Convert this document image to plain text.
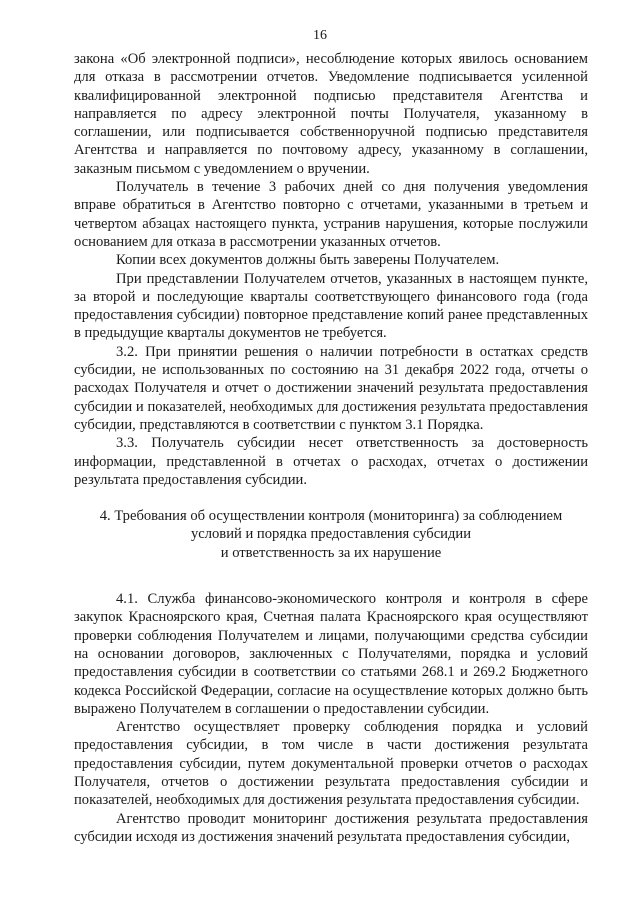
16

закона «Об электронной подписи», несоблюдение которых явилось основанием для отказа в рассмотрении отчетов. Уведомление подписывается усиленной квалифицированной электронной подписью представителя Агентства и направляется по адресу электронной почты Получателя, указанному в соглашении, или подписывается собственноручной подписью представителя Агентства и направляется по почтовому адресу, указанному в соглашении, заказным письмом с уведомлением о вручении.

Получатель в течение 3 рабочих дней со дня получения уведомления вправе обратиться в Агентство повторно с отчетами, указанными в третьем и четвертом абзацах настоящего пункта, устранив нарушения, которые послужили основанием для отказа в рассмотрении указанных отчетов.

Копии всех документов должны быть заверены Получателем.

При представлении Получателем отчетов, указанных в настоящем пункте, за второй и последующие кварталы соответствующего финансового года (года предоставления субсидии) повторное представление копий ранее представленных в предыдущие кварталы документов не требуется.

3.2. При принятии решения о наличии потребности в остатках средств субсидии, не использованных по состоянию на 31 декабря 2022 года, отчеты о расходах Получателя и отчет о достижении значений результата предоставления субсидии и показателей, необходимых для достижения результата предоставления субсидии, представляются в соответствии с пунктом 3.1 Порядка.

3.3. Получатель субсидии несет ответственность за достоверность информации, представленной в отчетах о расходах, отчетах о достижении результата предоставления субсидии.

4. Требования об осуществлении контроля (мониторинга) за соблюдением
условий и порядка предоставления субсидии
и ответственность за их нарушение

4.1. Служба финансово-экономического контроля и контроля в сфере закупок Красноярского края, Счетная палата Красноярского края осуществляют проверки соблюдения Получателем и лицами, получающими средства субсидии на основании договоров, заключенных с Получателями, порядка и условий предоставления субсидии в соответствии со статьями 268.1 и 269.2 Бюджетного кодекса Российской Федерации, согласие на осуществление которых должно быть выражено Получателем в соглашении о предоставлении субсидии.

Агентство осуществляет проверку соблюдения порядка и условий предоставления субсидии, в том числе в части достижения результата предоставления субсидии, путем документальной проверки отчетов о расходах Получателя, отчетов о достижении результата предоставления субсидии и показателей, необходимых для достижения результата предоставления субсидии.

Агентство проводит мониторинг достижения результата предоставления субсидии исходя из достижения значений результата предоставления субсидии,
